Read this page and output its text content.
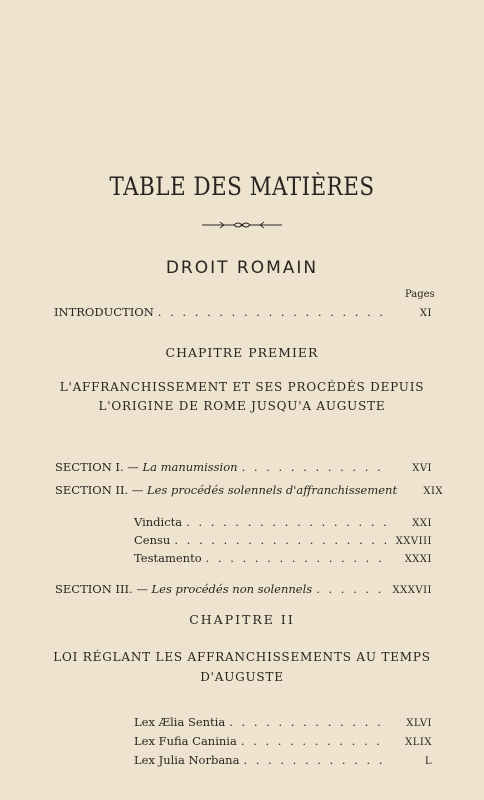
TABLE DES MATIÈRES
DROIT ROMAIN
Pages
INTRODUCTION . . .	XI
CHAPITRE PREMIER
L'AFFRANCHISSEMENT ET SES PROCÉDÉS DEPUIS
L'ORIGINE DE ROME JUSQU'A AUGUSTE
SECTION I. — La manumission . . .	XVI
SECTION II. — Les procédés solennels d'affranchissement	XIX
Vindicta . . .	XXI
Censu . . .	XXVIII
Testamento . . .	XXXI
SECTION III. — Les procédés non solennels . . .	XXXVII
CHAPITRE II
LOI RÉGLANT LES AFFRANCHISSEMENTS AU TEMPS
D'AUGUSTE
Lex Ælia Sentia . . .	XLVI
Lex Fufia Caninia . . .	XLIX
Lex Julia Norbana . . .	L
